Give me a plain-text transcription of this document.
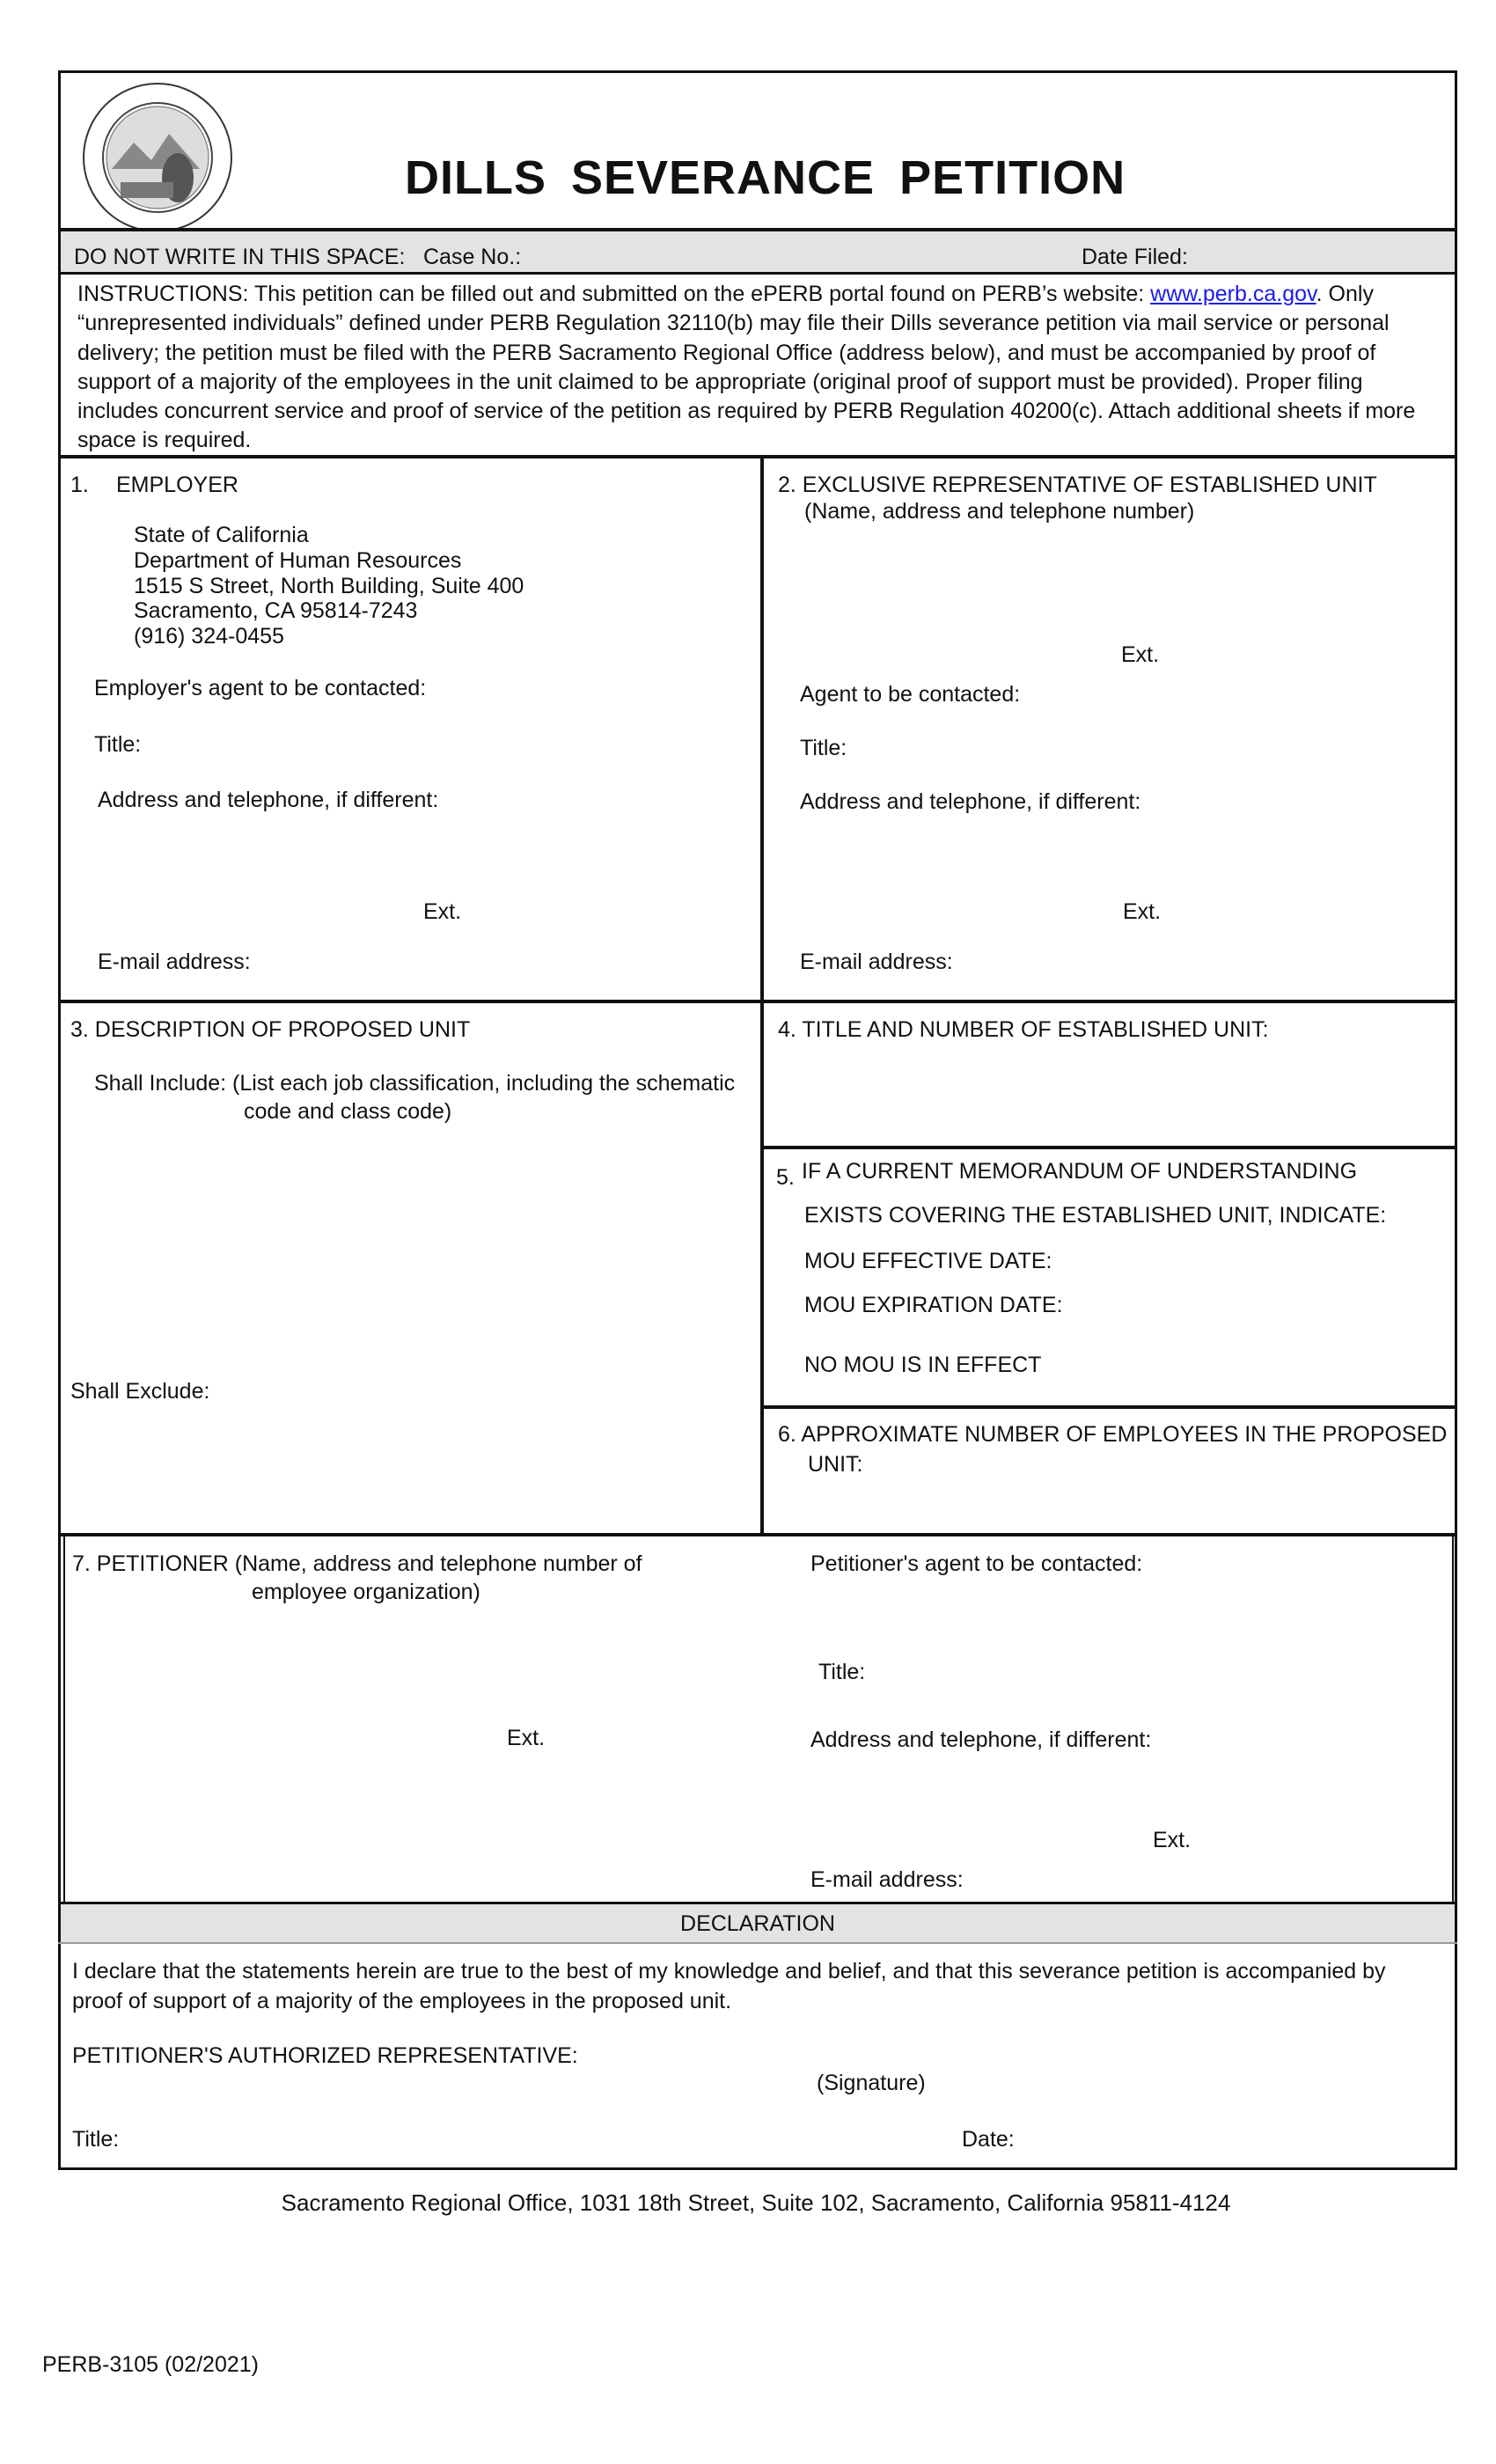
DILLS SEVERANCE PETITION
DO NOT WRITE IN THIS SPACE: Case No.:	Date Filed:
INSTRUCTIONS: This petition can be filled out and submitted on the ePERB portal found on PERB’s website: www.perb.ca.gov. Only
“unrepresented individuals” defined under PERB Regulation 32110(b) may file their Dills severance petition via mail service or personal
delivery; the petition must be filed with the PERB Sacramento Regional Office (address below), and must be accompanied by proof of
support of a majority of the employees in the unit claimed to be appropriate (original proof of support must be provided). Proper filing
includes concurrent service and proof of service of the petition as required by PERB Regulation 40200(c). Attach additional sheets if more
space is required.
1. EMPLOYER
State of California
Department of Human Resources
1515 S Street, North Building, Suite 400
Sacramento, CA 95814-7243
(916) 324-0455
Employer's agent to be contacted:
Title:
Address and telephone, if different:
Ext.
E-mail address:
2. EXCLUSIVE REPRESENTATIVE OF ESTABLISHED UNIT
(Name, address and telephone number)
Ext.
Agent to be contacted:
Title:
Address and telephone, if different:
Ext.
E-mail address:
3. DESCRIPTION OF PROPOSED UNIT
Shall Include: (List each job classification, including the schematic
code and class code)
Shall Exclude:
4. TITLE AND NUMBER OF ESTABLISHED UNIT:
5. IF A CURRENT MEMORANDUM OF UNDERSTANDING
EXISTS COVERING THE ESTABLISHED UNIT, INDICATE:
MOU EFFECTIVE DATE:
MOU EXPIRATION DATE:
NO MOU IS IN EFFECT
6. APPROXIMATE NUMBER OF EMPLOYEES IN THE PROPOSED
UNIT:
7. PETITIONER (Name, address and telephone number of
employee organization)
Ext.
Petitioner's agent to be contacted:
Title:
Address and telephone, if different:
Ext.
E-mail address:
DECLARATION
I declare that the statements herein are true to the best of my knowledge and belief, and that this severance petition is accompanied by
proof of support of a majority of the employees in the proposed unit.
PETITIONER'S AUTHORIZED REPRESENTATIVE:
(Signature)
Title:	Date:
Sacramento Regional Office, 1031 18th Street, Suite 102, Sacramento, California 95811-4124
PERB-3105 (02/2021)
